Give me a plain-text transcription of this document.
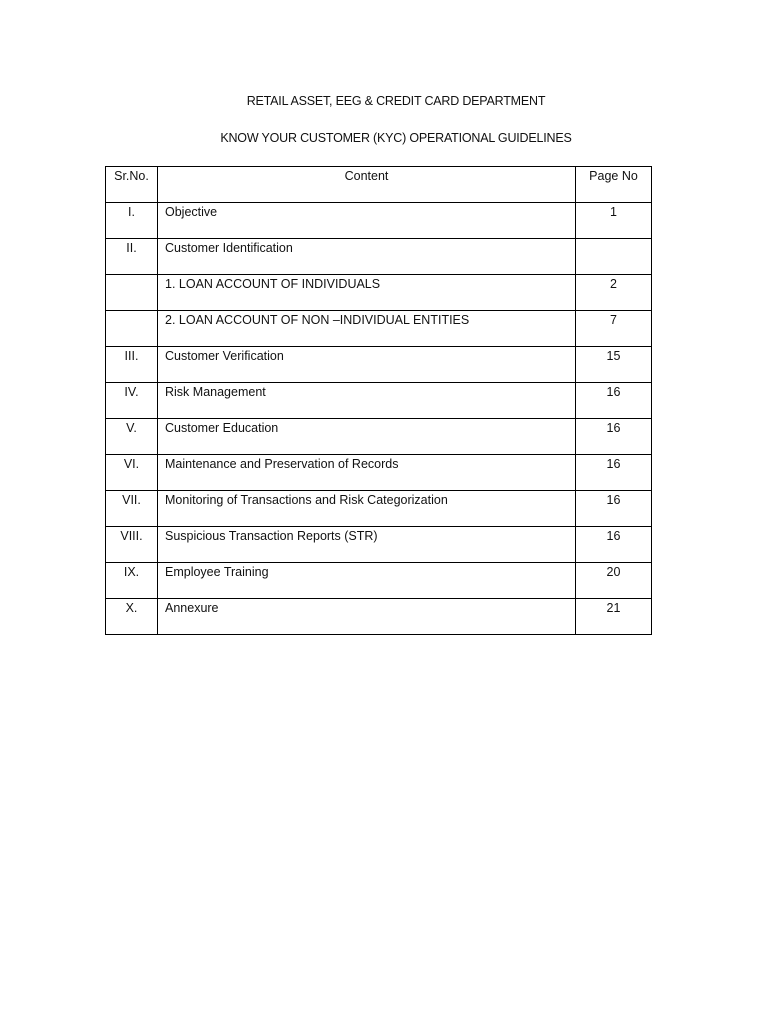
RETAIL ASSET, EEG & CREDIT CARD DEPARTMENT
KNOW YOUR CUSTOMER (KYC) OPERATIONAL GUIDELINES
Sr.No.	Content	Page No

I.	Objective	1

II.	Customer Identification	

	1. LOAN ACCOUNT OF INDIVIDUALS	2

	2. LOAN ACCOUNT OF NON –INDIVIDUAL ENTITIES	7

III.	Customer Verification	15

IV.	Risk Management	16

V.	Customer Education	16

VI.	Maintenance and Preservation of Records	16

VII.	Monitoring of Transactions and Risk Categorization	16

VIII.	Suspicious Transaction Reports (STR)	16

IX.	Employee Training	20

X.	Annexure	21
